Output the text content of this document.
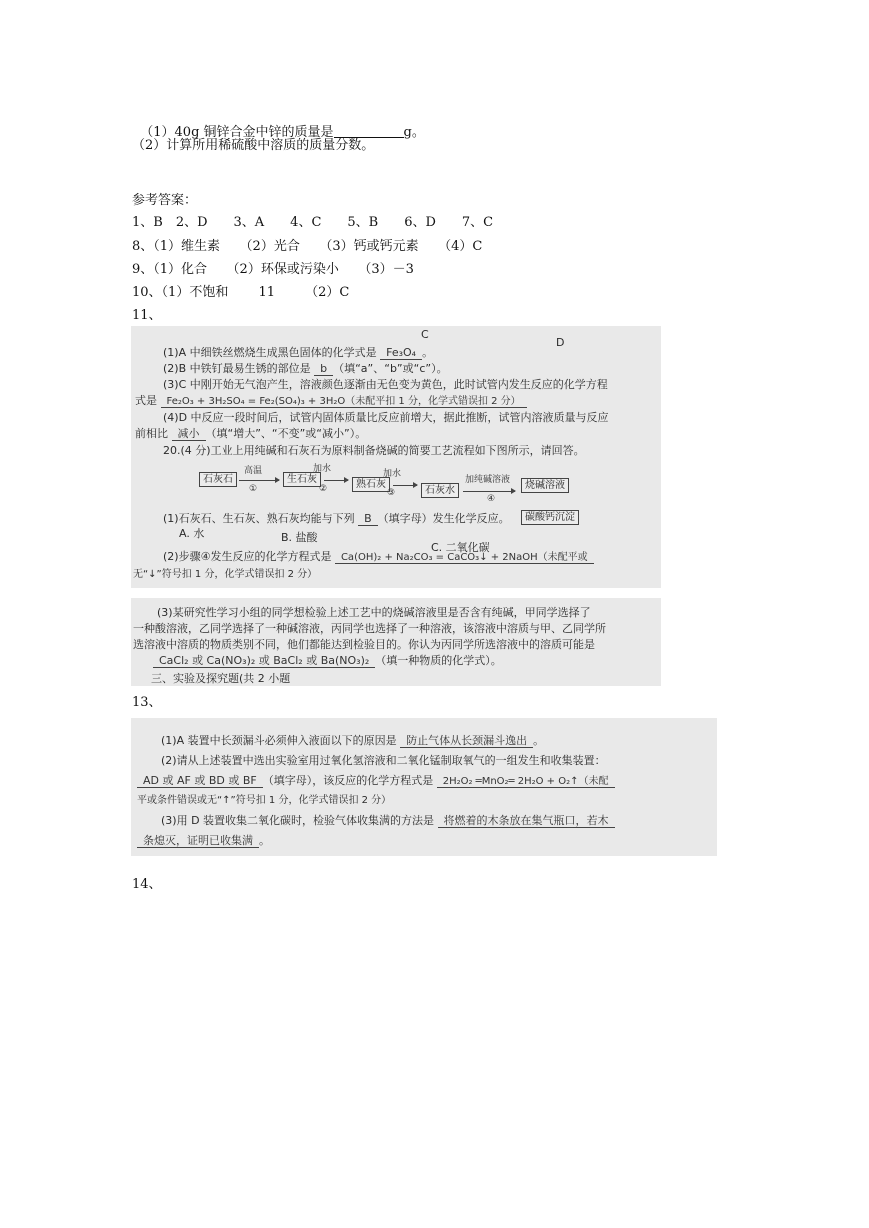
（1）40g 铜锌合金中锌的质量是	g。

（2）计算所用稀硫酸中溶质的质量分数。
参考答案：
1、B　2、D　　3、A　　4、C　　5、B　　6、D　　7、C
8、（1）维生素　　（2）光合　　（3）钙或钙元素　　（4）C
9、（1）化合　　（2）环保或污染小　　（3）－3
10、（1）不饱和　　 11　　 （2）C
11、
C
D
(1)A 中细铁丝燃烧生成黑色固体的化学式是 Fe₃O₄ 。
(2)B 中铁钉最易生锈的部位是 b （填“a”、“b”或“c”）。
(3)C 中刚开始无气泡产生，溶液颜色逐渐由无色变为黄色，此时试管内发生反应的化学方程
式是 Fe₂O₃ + 3H₂SO₄ = Fe₂(SO₄)₃ + 3H₂O（未配平扣 1 分，化学式错误扣 2 分）
(4)D 中反应一段时间后，试管内固体质量比反应前增大，据此推断，试管内溶液质量与反应
前相比 减小 （填“增大”、“不变”或“减小”）。
20.(4 分)工业上用纯碱和石灰石为原料制备烧碱的简要工艺流程如下图所示，请回答。
石灰石
高温
①
生石灰
加水
②	熟石灰
加水
③	石灰水
加纯碱溶液
④
烧碱溶液
碳酸钙沉淀
(1)石灰石、生石灰、熟石灰均能与下列 B （填字母）发生化学反应。
A. 水	B. 盐酸
C. 二氧化碳
(2)步骤④发生反应的化学方程式是 Ca(OH)₂ + Na₂CO₃ = CaCO₃↓ + 2NaOH（未配平或
无“↓”符号扣 1 分，化学式错误扣 2 分）
(3)某研究性学习小组的同学想检验上述工艺中的烧碱溶液里是否含有纯碱，甲同学选择了
一种酸溶液，乙同学选择了一种碱溶液，丙同学也选择了一种溶液，该溶液中溶质与甲、乙同学所
选溶液中溶质的物质类别不同，他们都能达到检验目的。你认为丙同学所选溶液中的溶质可能是
CaCl₂ 或 Ca(NO₃)₂ 或 BaCl₂ 或 Ba(NO₃)₂ （填一种物质的化学式）。
三、实验及探究题(共 2 小题
13、
(1)A 装置中长颈漏斗必须伸入液面以下的原因是 防止气体从长颈漏斗逸出 。
(2)请从上述装置中选出实验室用过氧化氢溶液和二氧化锰制取氧气的一组发生和收集装置：
AD 或 AF 或 BD 或 BF （填字母），该反应的化学方程式是 2H₂O₂ ═MnO₂═ 2H₂O + O₂↑（未配
平或条件错误或无“↑”符号扣 1 分，化学式错误扣 2 分）
(3)用 D 装置收集二氧化碳时，检验气体收集满的方法是 将燃着的木条放在集气瓶口，若木
条熄灭，证明已收集满 。
14、
